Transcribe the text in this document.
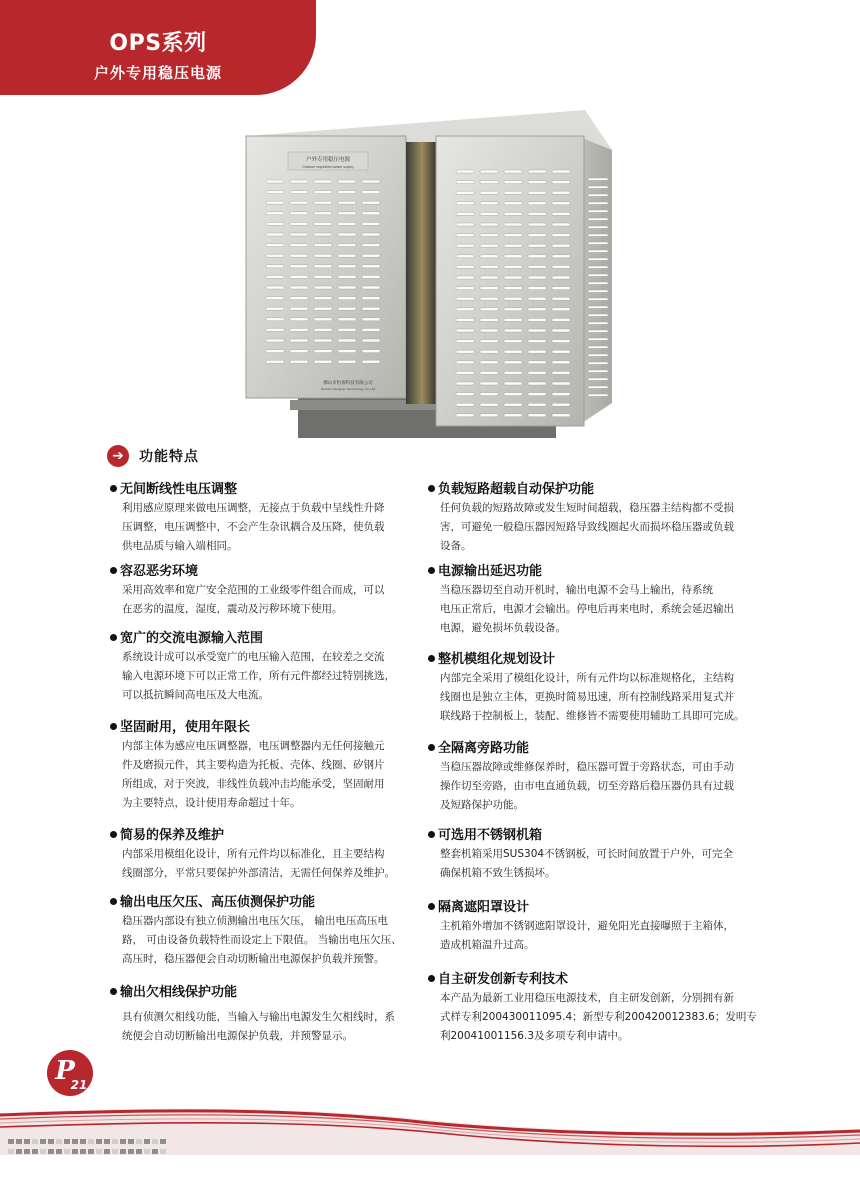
OPS系列
户外专用稳压电源
户外专用稳压电源
Outdoor regulated power supply
佛山市恒保科技有限公司
Foshan Hengbao Technology Co.,Ltd
➔	功能特点
无间断线性电压调整
利用感应原理来做电压调整，无接点于负载中呈线性升降
压调整，电压调整中，不会产生杂讯耦合及压降，使负载
供电品质与输入端相同。
容忍恶劣环境
采用高效率和宽广安全范围的工业级零件组合而成，可以
在恶劣的温度，湿度，震动及污秽环境下使用。
宽广的交流电源输入范围
系统设计成可以承受宽广的电压输入范围，在较差之交流
输入电源环境下可以正常工作，所有元件都经过特别挑选，
可以抵抗瞬间高电压及大电流。
坚固耐用，使用年限长
内部主体为感应电压调整器，电压调整器内无任何接触元
件及磨损元件，其主要构造为托板、壳体、线圈、矽钢片
所组成，对于突波，非线性负载冲击均能承受，坚固耐用
为主要特点，设计使用寿命超过十年。
简易的保养及维护
内部采用模组化设计，所有元件均以标准化，且主要结构
线圈部分，平常只要保护外部清洁，无需任何保养及维护。
输出电压欠压、高压侦测保护功能
稳压器内部设有独立侦测输出电压欠压， 输出电压高压电
路， 可由设备负载特性而设定上下限值。 当输出电压欠压、
高压时，稳压器便会自动切断输出电源保护负载并预警。
输出欠相线保护功能
具有侦测欠相线功能，当输入与输出电源发生欠相线时，系
统便会自动切断输出电源保护负载，并预警显示。
负载短路超载自动保护功能
任何负载的短路故障或发生短时间超载，稳压器主结构都不受损
害，可避免一般稳压器因短路导致线圈起火而损坏稳压器或负载
设备。
电源输出延迟功能
当稳压器切至自动开机时，输出电源不会马上输出，待系统
电压正常后，电源才会输出。停电后再来电时，系统会延迟输出
电源，避免损坏负载设备。
整机模组化规划设计
内部完全采用了模组化设计，所有元件均以标准规格化，主结构
线圈也是独立主体，更换时简易迅速，所有控制线路采用复式并
联线路于控制板上，装配、维修皆不需要使用辅助工具即可完成。
全隔离旁路功能
当稳压器故障或维修保养时，稳压器可置于旁路状态，可由手动
操作切至旁路，由市电直通负载，切至旁路后稳压器仍具有过载
及短路保护功能。
可选用不锈钢机箱
整套机箱采用SUS304不锈钢板，可长时间放置于户外，可完全
确保机箱不致生锈损坏。
隔离遮阳罩设计
主机箱外增加不锈钢遮阳罩设计，避免阳光直接曝照于主箱体，
造成机箱温升过高。
自主研发创新专利技术
本产品为最新工业用稳压电源技术，自主研发创新，分别拥有新
式样专利200430011095.4；新型专利200420012383.6；发明专
利20041001156.3及多项专利申请中。
P
21
